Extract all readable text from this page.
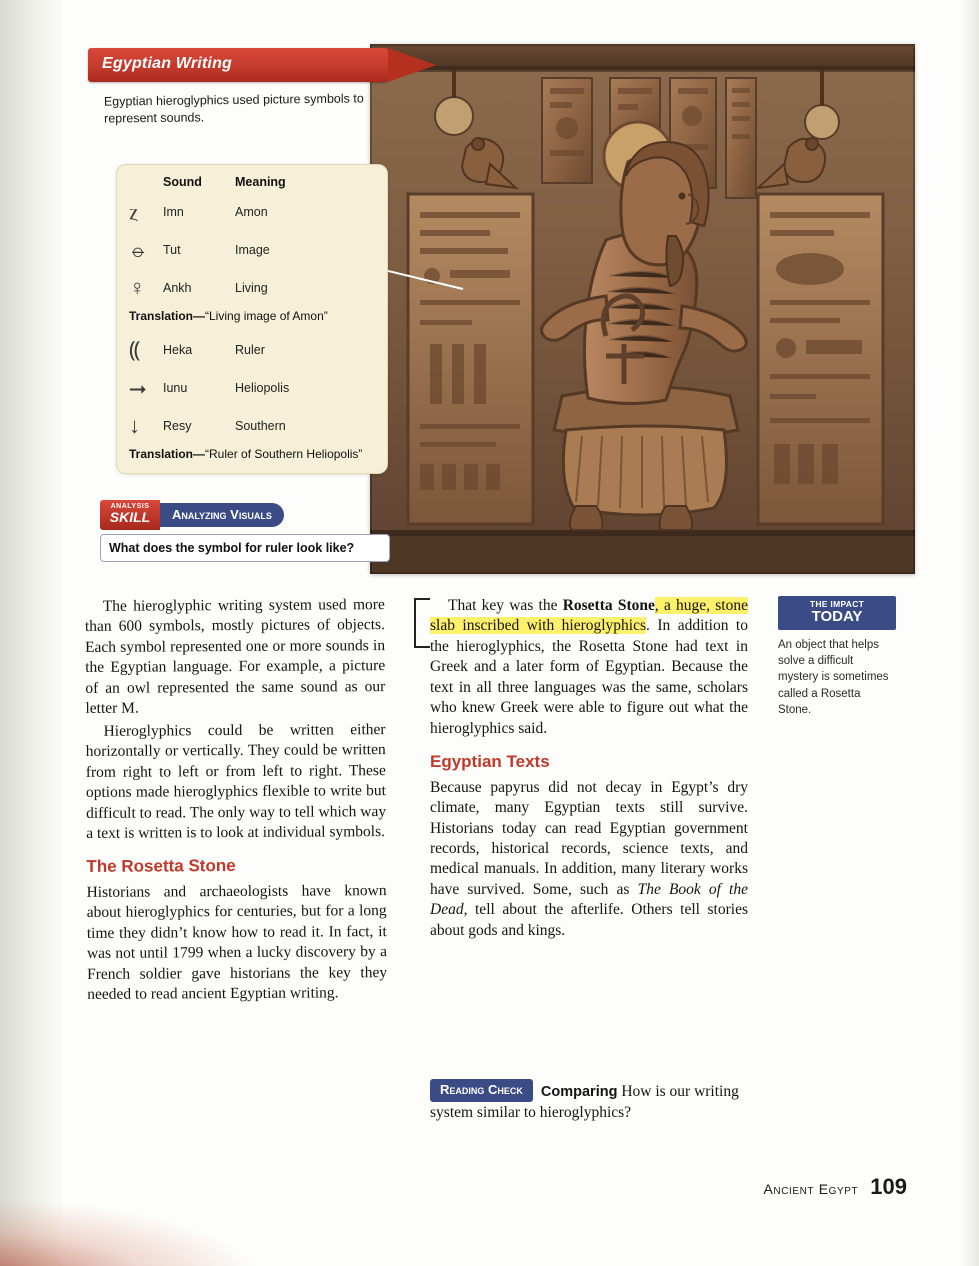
Egyptian Writing
Egyptian hieroglyphics used picture symbols to represent sounds.
Sound	Meaning
ⲍ	Imn	Amon
⦵	Tut	Image
♀	Ankh	Living
Translation—“Living image of Amon”
⸨	Heka	Ruler
⭢	Iunu	Heliopolis
↓	Resy	Southern
Translation—“Ruler of Southern Heliopolis”
ANALYSIS
SKILL	Analyzing Visuals
What does the symbol for ruler look like?

The hieroglyphic writing system used more than 600 symbols, mostly pictures of objects. Each symbol represented one or more sounds in the Egyptian language. For example, a picture of an owl represented the same sound as our letter M.

Hieroglyphics could be written either horizontally or vertically. They could be written from right to left or from left to right. These options made hieroglyphics flexible to write but difficult to read. The only way to tell which way a text is written is to look at individual symbols.

The Rosetta Stone

Historians and archaeologists have known about hieroglyphics for centuries, but for a long time they didn’t know how to read it. In fact, it was not until 1799 when a lucky discovery by a French soldier gave historians the key they needed to read ancient Egyptian writing.

That key was the Rosetta Stone, a huge, stone slab inscribed with hieroglyphics. In addition to the hieroglyphics, the Rosetta Stone had text in Greek and a later form of Egyptian. Because the text in all three languages was the same, scholars who knew Greek were able to figure out what the hieroglyphics said.

Egyptian Texts

Because papyrus did not decay in Egypt’s dry climate, many Egyptian texts still survive. Historians today can read Egyptian government records, historical records, science texts, and medical manuals. In addition, many literary works have survived. Some, such as The Book of the Dead, tell about the afterlife. Others tell stories about gods and kings.

THE IMPACT
TODAY
An object that helps solve a difficult mystery is sometimes called a Rosetta Stone.
Reading Check Comparing How is our writing system similar to hieroglyphics?
Ancient Egypt 109
